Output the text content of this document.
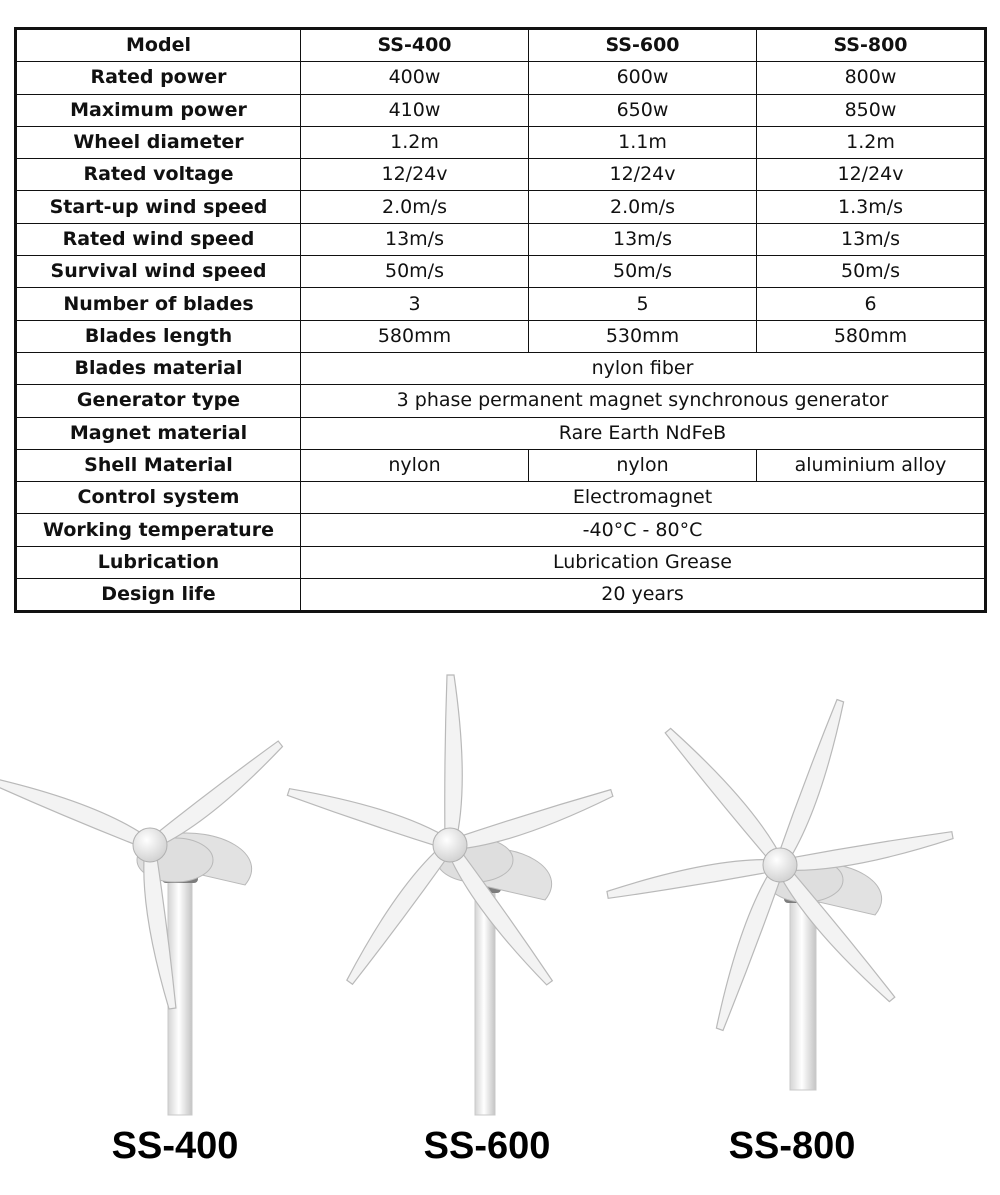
Model	SS-400	SS-600	SS-800
Rated power	400w	600w	800w
Maximum power	410w	650w	850w
Wheel diameter	1.2m	1.1m	1.2m
Rated voltage	12/24v	12/24v	12/24v
Start-up wind speed	2.0m/s	2.0m/s	1.3m/s
Rated wind speed	13m/s	13m/s	13m/s
Survival wind speed	50m/s	50m/s	50m/s
Number of blades	3	5	6
Blades length	580mm	530mm	580mm
Blades material	nylon fiber		
Generator type	3 phase permanent magnet synchronous generator		
Magnet material	Rare Earth NdFeB		
Shell Material	nylon	nylon	aluminium alloy
Control system	Electromagnet		
Working temperature	-40°C - 80°C		
Lubrication	Lubrication Grease		
Design life	20 years		
SS-400	SS-600	SS-800
